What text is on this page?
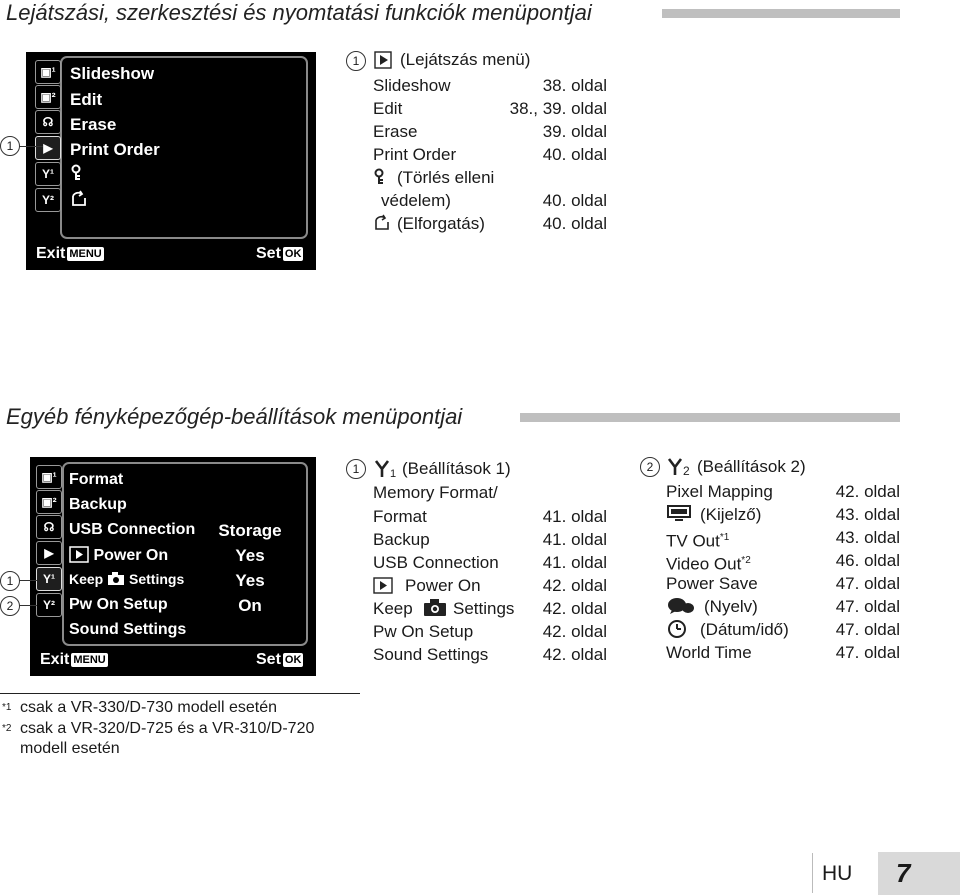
Lejátszási, szerkesztési és nyomtatási funkciók menüpontjai
▣¹
▣²
☊
▶
Y¹
Y²
Slideshow
Edit
Erase
Print Order
Exit MENU	Set OK
1
1	(Lejátszás menü)
Slideshow	38. oldal
Edit	38., 39. oldal
Erase	39. oldal
Print Order	40. oldal
(Törlés elleni
védelem)	40. oldal
(Elforgatás)	40. oldal
Egyéb fényképezőgép-beállítások menüpontjai
▣¹
▣²
☊
▶
Y¹
Y²
Format
Backup
USB Connection	Storage
Power On	Yes
Keep Settings	Yes
Pw On Setup	On
Sound Settings
Exit MENU	Set OK
1
2
1	1 (Beállítások 1)
Memory Format/
Format	41. oldal
Backup	41. oldal
USB Connection	41. oldal
Power On	42. oldal
Keep Settings 42. oldal
Pw On Setup	42. oldal
Sound Settings	42. oldal
2	2 (Beállítások 2)
Pixel Mapping	42. oldal
(Kijelző)	43. oldal
TV Out$^{*1}$	43. oldal
Video Out$^{*2}$	46. oldal
Power Save	47. oldal
(Nyelv)	47. oldal
(Dátum/idő)	47. oldal
World Time	47. oldal
*1 csak a VR-330/D-730 modell esetén
*2 csak a VR-320/D-725 és a VR-310/D-720
modell esetén
HU 7
